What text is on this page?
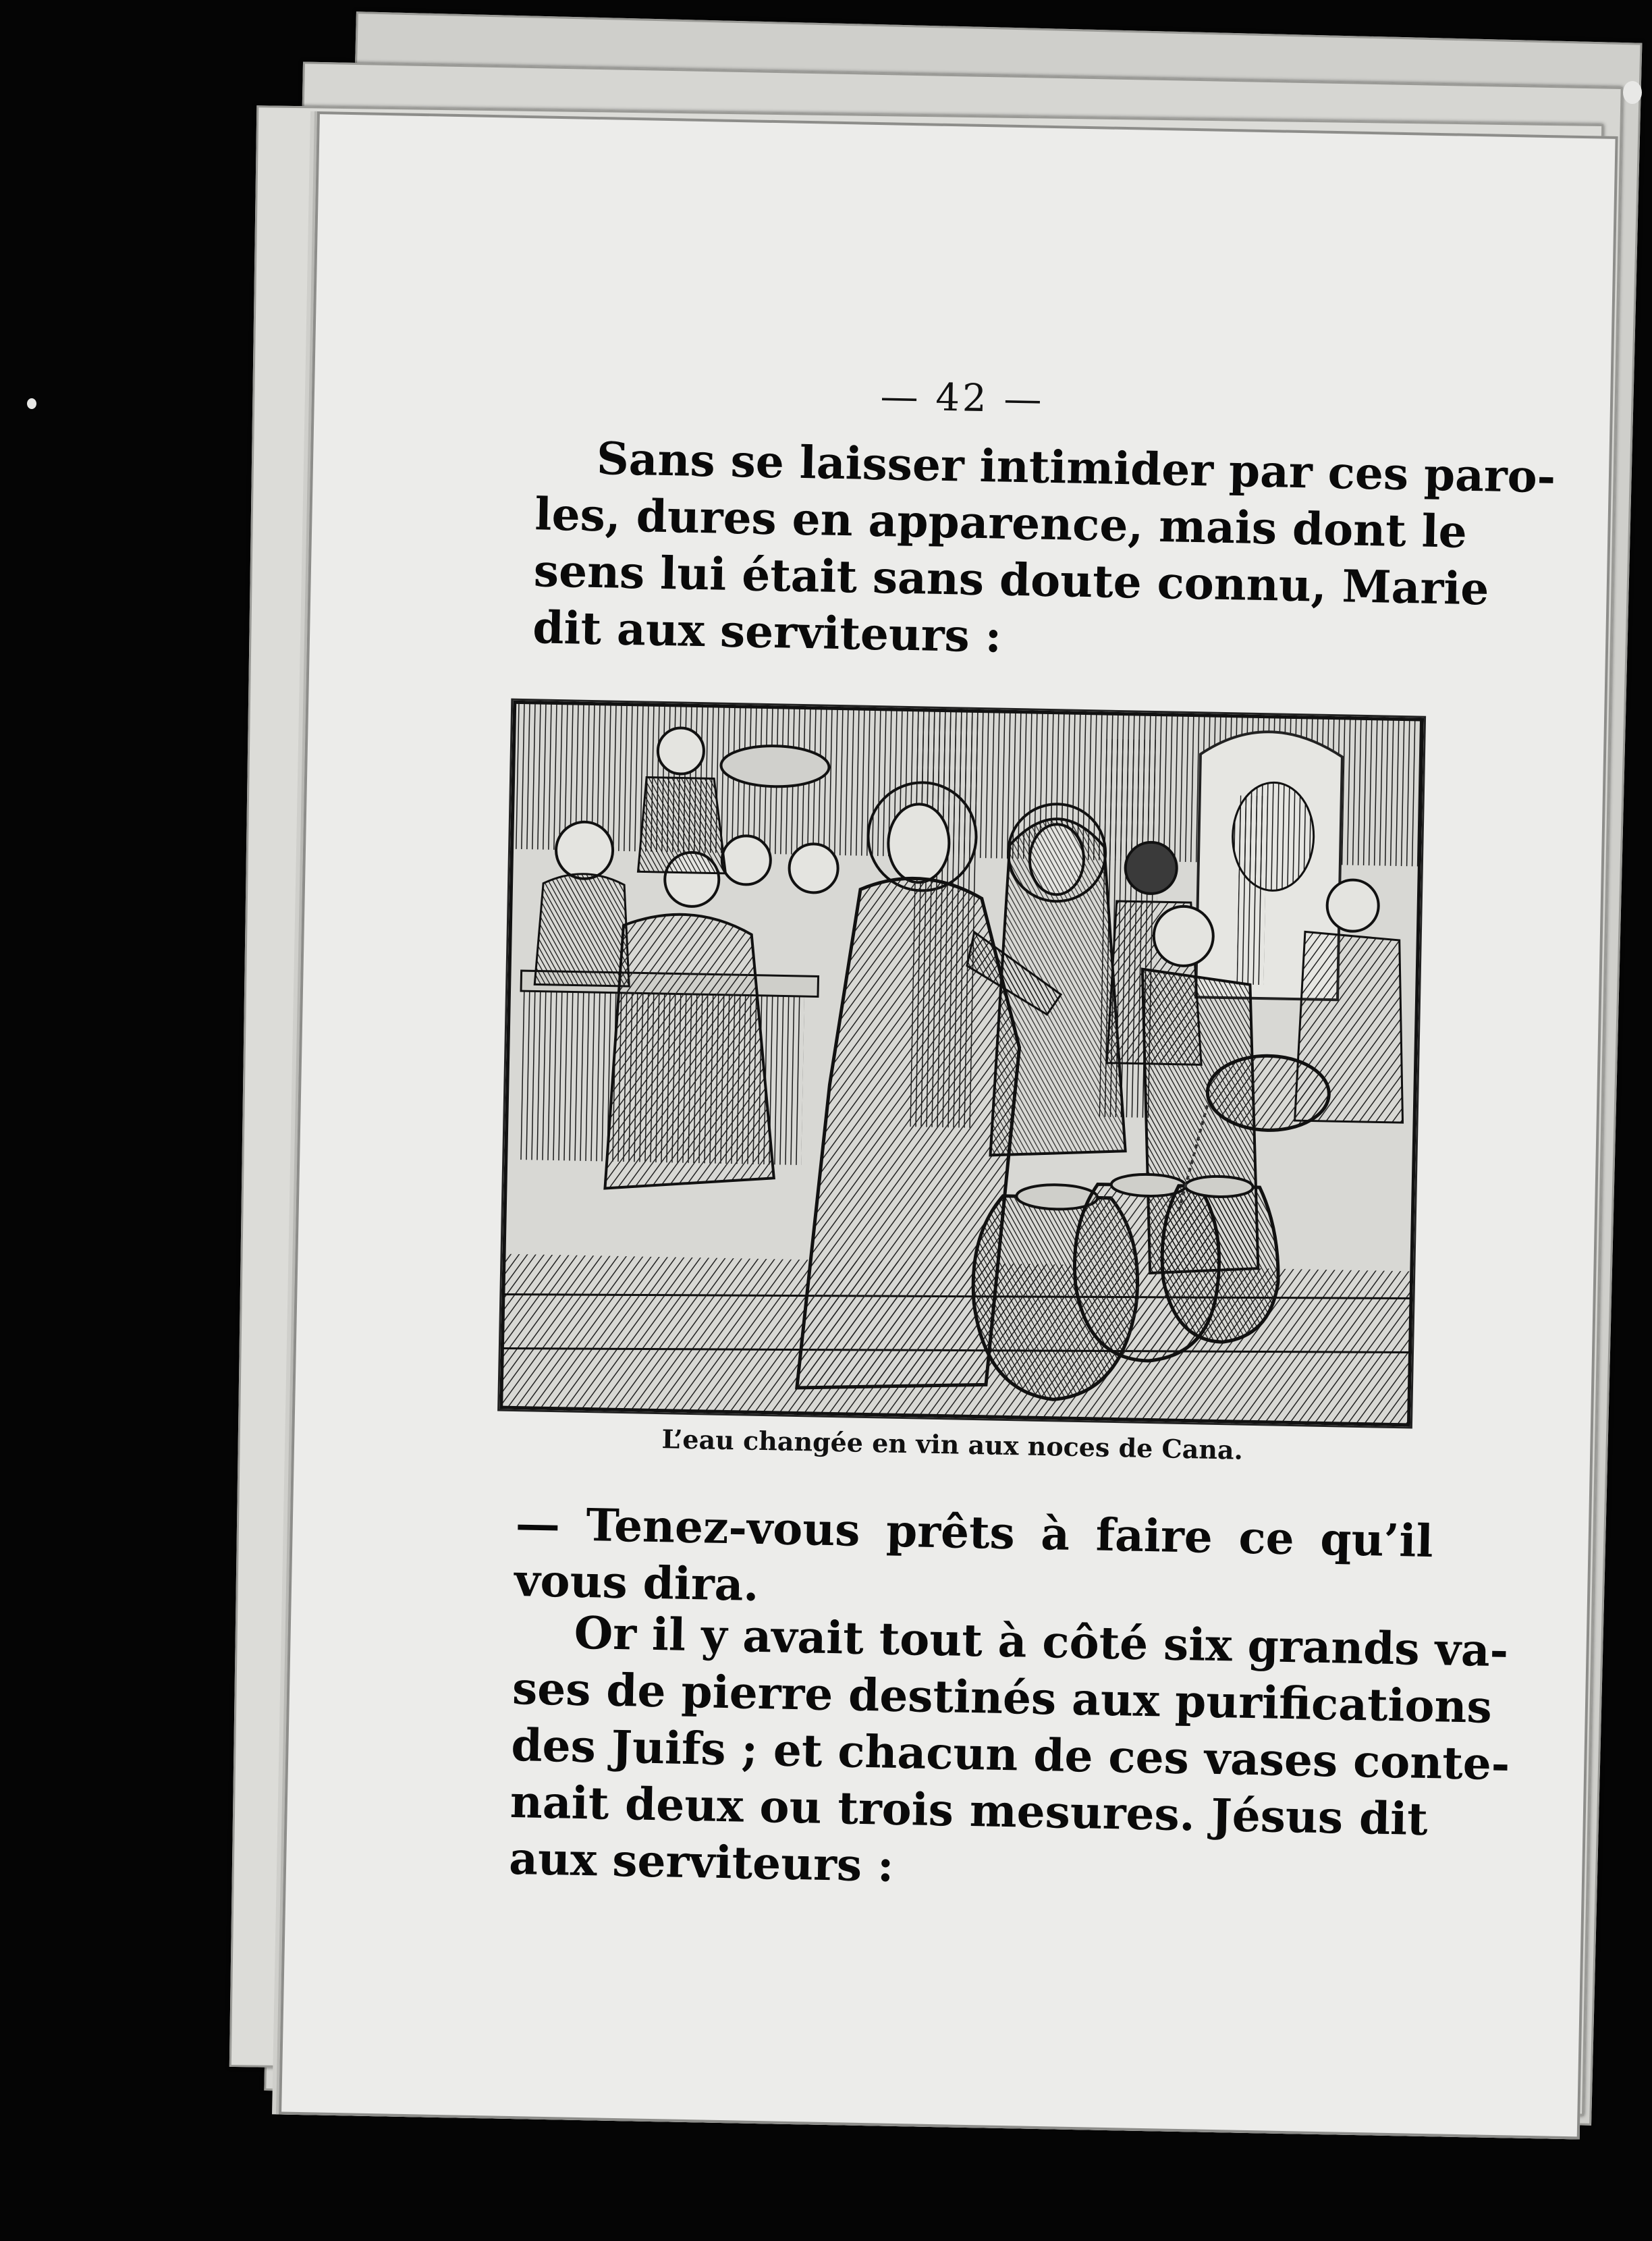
— 42 —
Sans se laisser intimider par ces paro-
les, dures en apparence, mais dont le
sens lui était sans doute connu, Marie
dit aux serviteurs :
L’eau changée en vin aux noces de Cana.
— Tenez-vous prêts à faire ce qu’il
vous dira.
Or il y avait tout à côté six grands va-
ses de pierre destinés aux purifications
des Juifs ; et chacun de ces vases conte-
nait deux ou trois mesures. Jésus dit
aux serviteurs :
